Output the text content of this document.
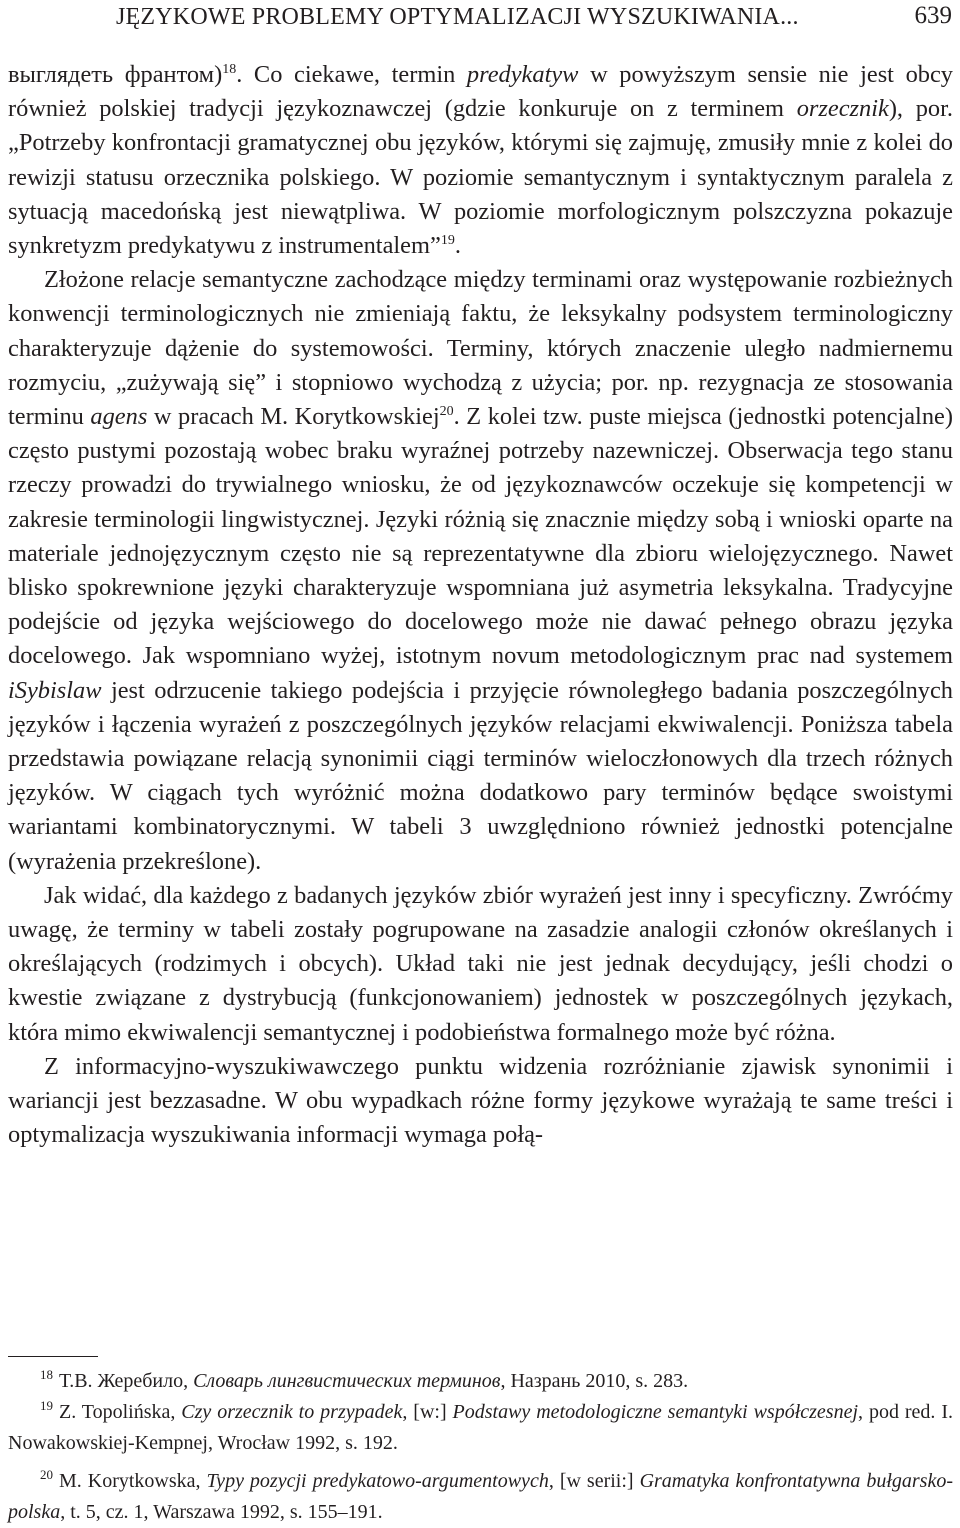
JĘZYKOWE PROBLEMY OPTYMALIZACJI WYSZUKIWANIA...	639

выглядеть франтом)$^{18}$. Co ciekawe, termin predykatyw w powyższym sensie nie jest obcy również polskiej tradycji językoznawczej (gdzie konkuruje on z terminem orzecznik), por. „Potrzeby konfrontacji gramatycznej obu języków, którymi się zajmuję, zmusiły mnie z kolei do rewizji statusu orzecznika polskiego. W poziomie semantycznym i syntaktycznym paralela z sytuacją macedońską jest niewątpliwa. W poziomie morfologicznym polszczyzna pokazuje synkretyzm predykatywu z instrumentalem”$^{19}$.

Złożone relacje semantyczne zachodzące między terminami oraz występowanie rozbieżnych konwencji terminologicznych nie zmieniają faktu, że leksykalny podsystem terminologiczny charakteryzuje dążenie do systemowości. Terminy, których znaczenie uległo nadmiernemu rozmyciu, „zużywają się” i stopniowo wychodzą z użycia; por. np. rezygnacja ze stosowania terminu agens w pracach M. Korytkowskiej$^{20}$. Z kolei tzw. puste miejsca (jednostki potencjalne) często pustymi pozostają wobec braku wyraźnej potrzeby nazewniczej. Obserwacja tego stanu rzeczy prowadzi do trywialnego wniosku, że od językoznawców oczekuje się kompetencji w zakresie terminologii lingwistycznej. Języki różnią się znacznie między sobą i wnioski oparte na materiale jednojęzycznym często nie są reprezentatywne dla zbioru wielojęzycznego. Nawet blisko spokrewnione języki charakteryzuje wspomniana już asymetria leksykalna. Tradycyjne podejście od języka wejściowego do docelowego może nie dawać pełnego obrazu języka docelowego. Jak wspomniano wyżej, istotnym novum metodologicznym prac nad systemem iSybislaw jest odrzucenie takiego podejścia i przyjęcie równoległego badania poszczególnych języków i łączenia wyrażeń z poszczególnych języków relacjami ekwiwalencji. Poniższa tabela przedstawia powiązane relacją synonimii ciągi terminów wieloczłonowych dla trzech różnych języków. W ciągach tych wyróżnić można dodatkowo pary terminów będące swoistymi wariantami kombinatorycznymi. W tabeli 3 uwzględniono również jednostki potencjalne (wyrażenia przekreślone).

Jak widać, dla każdego z badanych języków zbiór wyrażeń jest inny i specyficzny. Zwróćmy uwagę, że terminy w tabeli zostały pogrupowane na zasadzie analogii członów określanych i określających (rodzimych i obcych). Układ taki nie jest jednak decydujący, jeśli chodzi o kwestie związane z dystrybucją (funkcjonowaniem) jednostek w poszczególnych językach, która mimo ekwiwalencji semantycznej i podobieństwa formalnego może być różna.

Z informacyjno-wyszukiwawczego punktu widzenia rozróżnianie zjawisk synonimii i wariancji jest bezzasadne. W obu wypadkach różne formy językowe wyrażają te same treści i optymalizacja wyszukiwania informacji wymaga połą-

$^{18}$ Т.В. Жеребило, Словарь лингвистических терминов, Назрань 2010, s. 283.

$^{19}$ Z. Topolińska, Czy orzecznik to przypadek, [w:] Podstawy metodologiczne semantyki współczesnej, pod red. I. Nowakowskiej-Kempnej, Wrocław 1992, s. 192.

$^{20}$ M. Korytkowska, Typy pozycji predykatowo-argumentowych, [w serii:] Gramatyka konfrontatywna bułgarsko-polska, t. 5, cz. 1, Warszawa 1992, s. 155–191.
